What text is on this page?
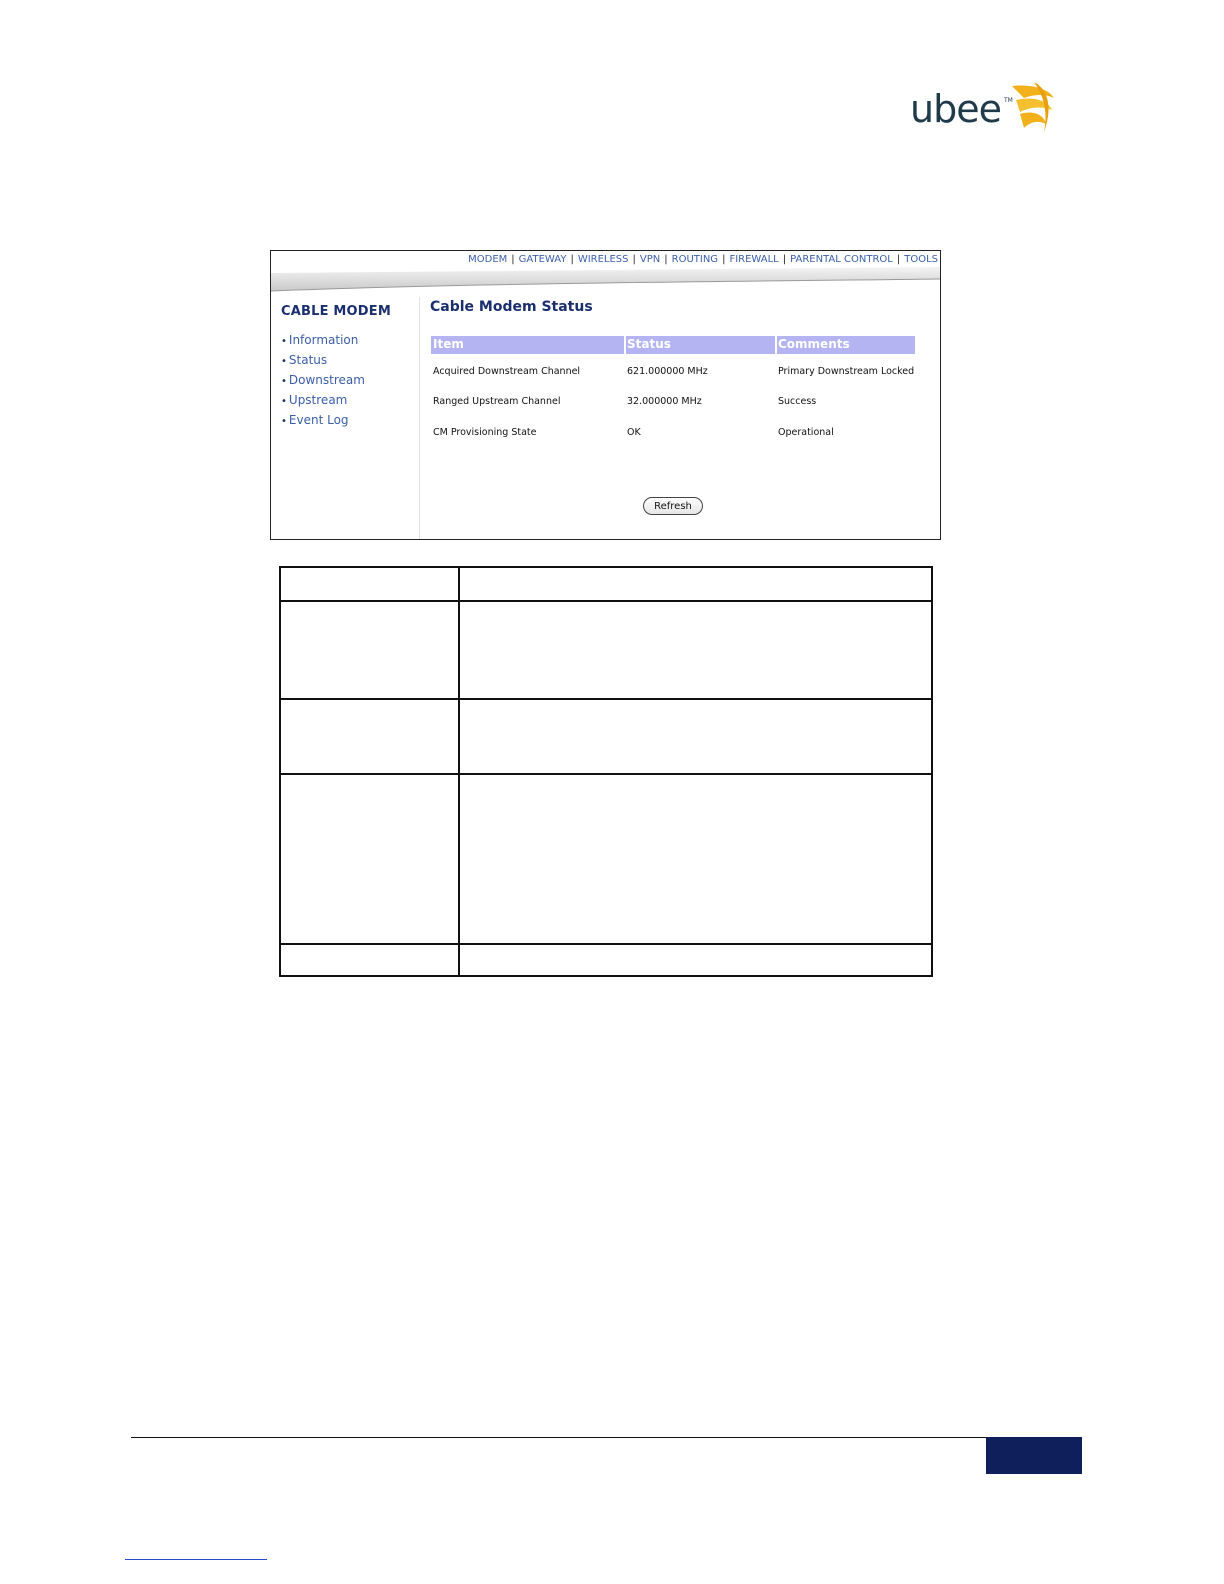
ubee TM
MODEM | GATEWAY | WIRELESS | VPN | ROUTING | FIREWALL | PARENTAL CONTROL | TOOLS
CABLE MODEM
• Information
• Status
• Downstream
• Upstream
• Event Log
Cable Modem Status
Item	Status	Comments
Acquired Downstream Channel	621.000000 MHz	Primary Downstream Locked
Ranged Upstream Channel	32.000000 MHz	Success
CM Provisioning State	OK	Operational
Refresh
